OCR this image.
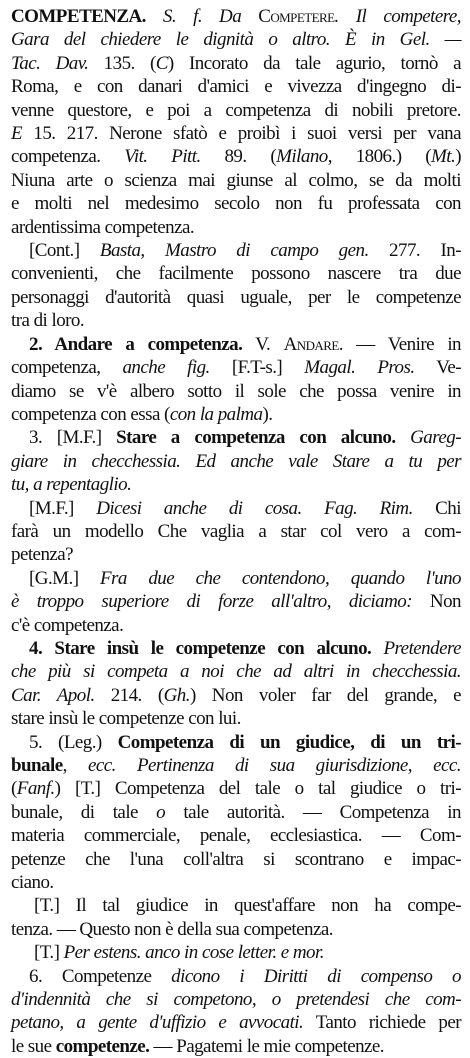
COMPETENZA. S. f. Da Competere. Il competere,
Gara del chiedere le dignità o altro. È in Gel. —
Tac. Dav. 135. (C) Incorato da tale agurio, tornò a
Roma, e con danari d'amici e vivezza d'ingegno di-
venne questore, e poi a competenza di nobili pretore.
E 15. 217. Nerone sfatò e proibì i suoi versi per vana
competenza. Vit. Pitt. 89. (Milano, 1806.) (Mt.)
Niuna arte o scienza mai giunse al colmo, se da molti
e molti nel medesimo secolo non fu professata con
ardentissima competenza.
[Cont.] Basta, Mastro di campo gen. 277. In-
convenienti, che facilmente possono nascere tra due
personaggi d'autorità quasi uguale, per le competenze
tra di loro.
2. Andare a competenza. V. Andare. — Venire in
competenza, anche fig. [F.T-s.] Magal. Pros. Ve-
diamo se v'è albero sotto il sole che possa venire in
competenza con essa (con la palma).
3. [M.F.] Stare a competenza con alcuno. Gareg-
giare in checchessia. Ed anche vale Stare a tu per
tu, a repentaglio.
[M.F.] Dicesi anche di cosa. Fag. Rim. Chi
farà un modello Che vaglia a star col vero a com-
petenza?
[G.M.] Fra due che contendono, quando l'uno
è troppo superiore di forze all'altro, diciamo: Non
c'è competenza.
4. Stare insù le competenze con alcuno. Pretendere
che più si competa a noi che ad altri in checchessia.
Car. Apol. 214. (Gh.) Non voler far del grande, e
stare insù le competenze con lui.
5. (Leg.) Competenza di un giudice, di un tri-
bunale, ecc. Pertinenza di sua giurisdizione, ecc.
(Fanf.) [T.] Competenza del tale o tal giudice o tri-
bunale, di tale o tale autorità. — Competenza in
materia commerciale, penale, ecclesiastica. — Com-
petenze che l'una coll'altra si scontrano e impac-
ciano.
[T.] Il tal giudice in quest'affare non ha compe-
tenza. — Questo non è della sua competenza.
[T.] Per estens. anco in cose letter. e mor.
6. Competenze dicono i Diritti di compenso o
d'indennità che si competono, o pretendesi che com-
petano, a gente d'uffizio e avvocati. Tanto richiede per
le sue competenze. — Pagatemi le mie competenze.
